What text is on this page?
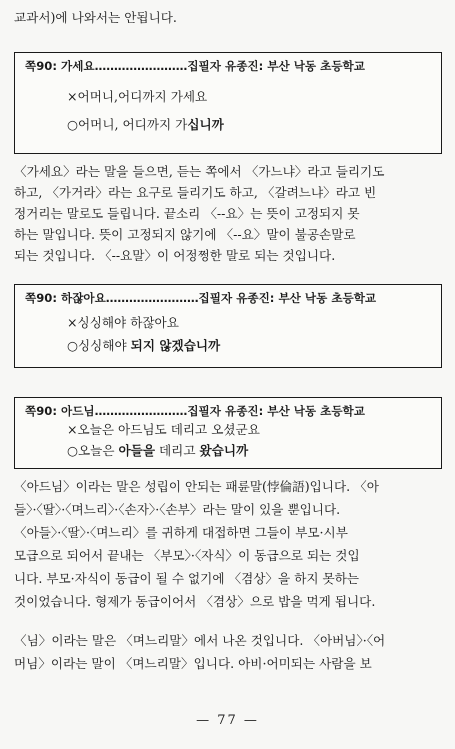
교과서)에 나와서는 안됩니다.
쪽90: 가세요……………………집필자 유종진: 부산 낙동 초등학교
×어머니,어디까지 가세요
○어머니, 어디까지 가십니까
〈가세요〉라는 말을 들으면, 듣는 쪽에서 〈가느냐〉라고 들리기도
하고, 〈가거라〉라는 요구로 들리기도 하고, 〈갈려느냐〉라고 빈
정거리는 말로도 들립니다. 끝소리 〈--요〉는 뜻이 고정되지 못
하는 말입니다. 뜻이 고정되지 않기에 〈--요〉말이 불공손말로
되는 것입니다. 〈--요말〉이 어정쩡한 말로 되는 것입니다.
쪽90: 하잖아요……………………집필자 유종진: 부산 낙동 초등학교
×싱싱해야 하잖아요
○싱싱해야 되지 않겠습니까
쪽90: 아드님……………………집필자 유종진: 부산 낙동 초등학교
×오늘은 아드님도 데리고 오셨군요
○오늘은 아들을 데리고 왔습니까
〈아드님〉이라는 말은 성립이 안되는 패륜말(悖倫語)입니다. 〈아
들〉·〈딸〉·〈며느리〉·〈손자〉·〈손부〉라는 말이 있을 뿐입니다.
〈아들〉·〈딸〉·〈며느리〉를 귀하게 대접하면 그들이 부모·시부
모급으로 되어서 끝내는 〈부모〉·〈자식〉이 동급으로 되는 것입
니다. 부모·자식이 동급이 될 수 없기에 〈겸상〉을 하지 못하는
것이었습니다. 형제가 동급이어서 〈겸상〉으로 밥을 먹게 됩니다.
〈님〉이라는 말은 〈며느리말〉에서 나온 것입니다. 〈아버님〉·〈어
머님〉이라는 말이 〈며느리말〉입니다. 아비·어미되는 사람을 보
— 77 —
